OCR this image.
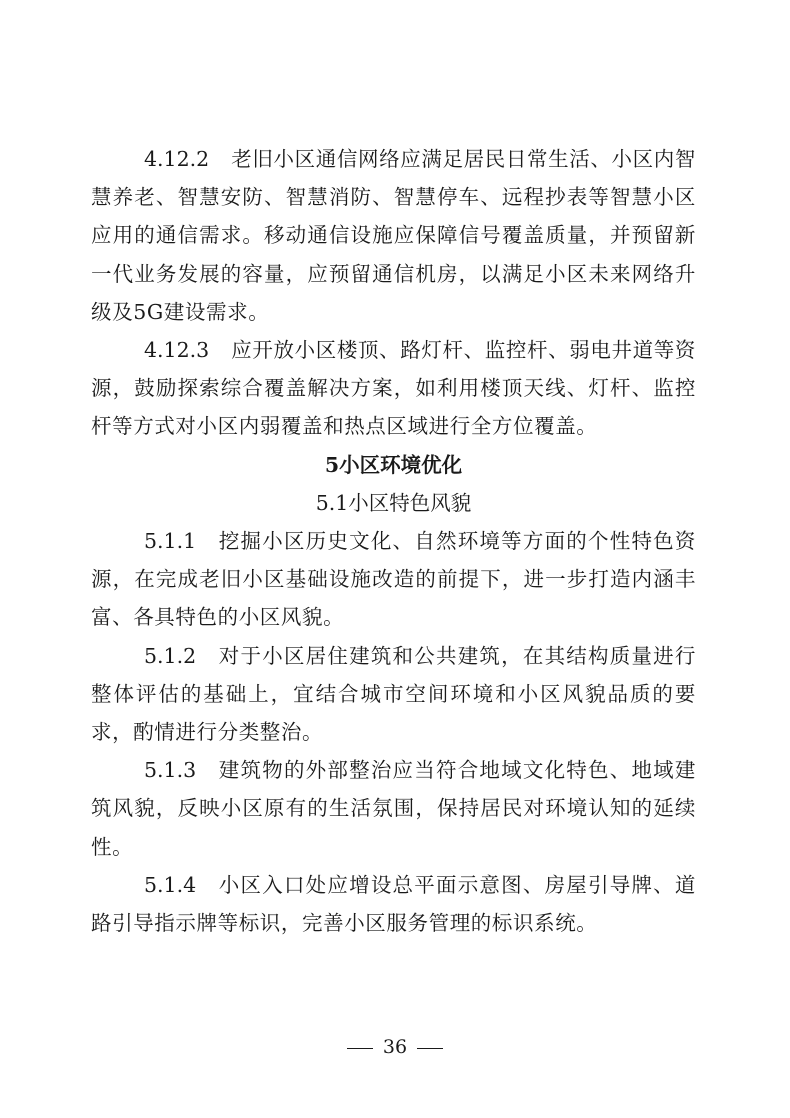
4.12.2 老旧小区通信网络应满足居民日常生活、小区内智慧养老、智慧安防、智慧消防、智慧停车、远程抄表等智慧小区应用的通信需求。移动通信设施应保障信号覆盖质量，并预留新一代业务发展的容量，应预留通信机房，以满足小区未来网络升级及5G建设需求。

4.12.3 应开放小区楼顶、路灯杆、监控杆、弱电井道等资源，鼓励探索综合覆盖解决方案，如利用楼顶天线、灯杆、监控杆等方式对小区内弱覆盖和热点区域进行全方位覆盖。

5小区环境优化

5.1小区特色风貌

5.1.1 挖掘小区历史文化、自然环境等方面的个性特色资源，在完成老旧小区基础设施改造的前提下，进一步打造内涵丰富、各具特色的小区风貌。

5.1.2 对于小区居住建筑和公共建筑，在其结构质量进行整体评估的基础上，宜结合城市空间环境和小区风貌品质的要求，酌情进行分类整治。

5.1.3 建筑物的外部整治应当符合地域文化特色、地域建筑风貌，反映小区原有的生活氛围，保持居民对环境认知的延续性。

5.1.4 小区入口处应增设总平面示意图、房屋引导牌、道路引导指示牌等标识，完善小区服务管理的标识系统。

36
